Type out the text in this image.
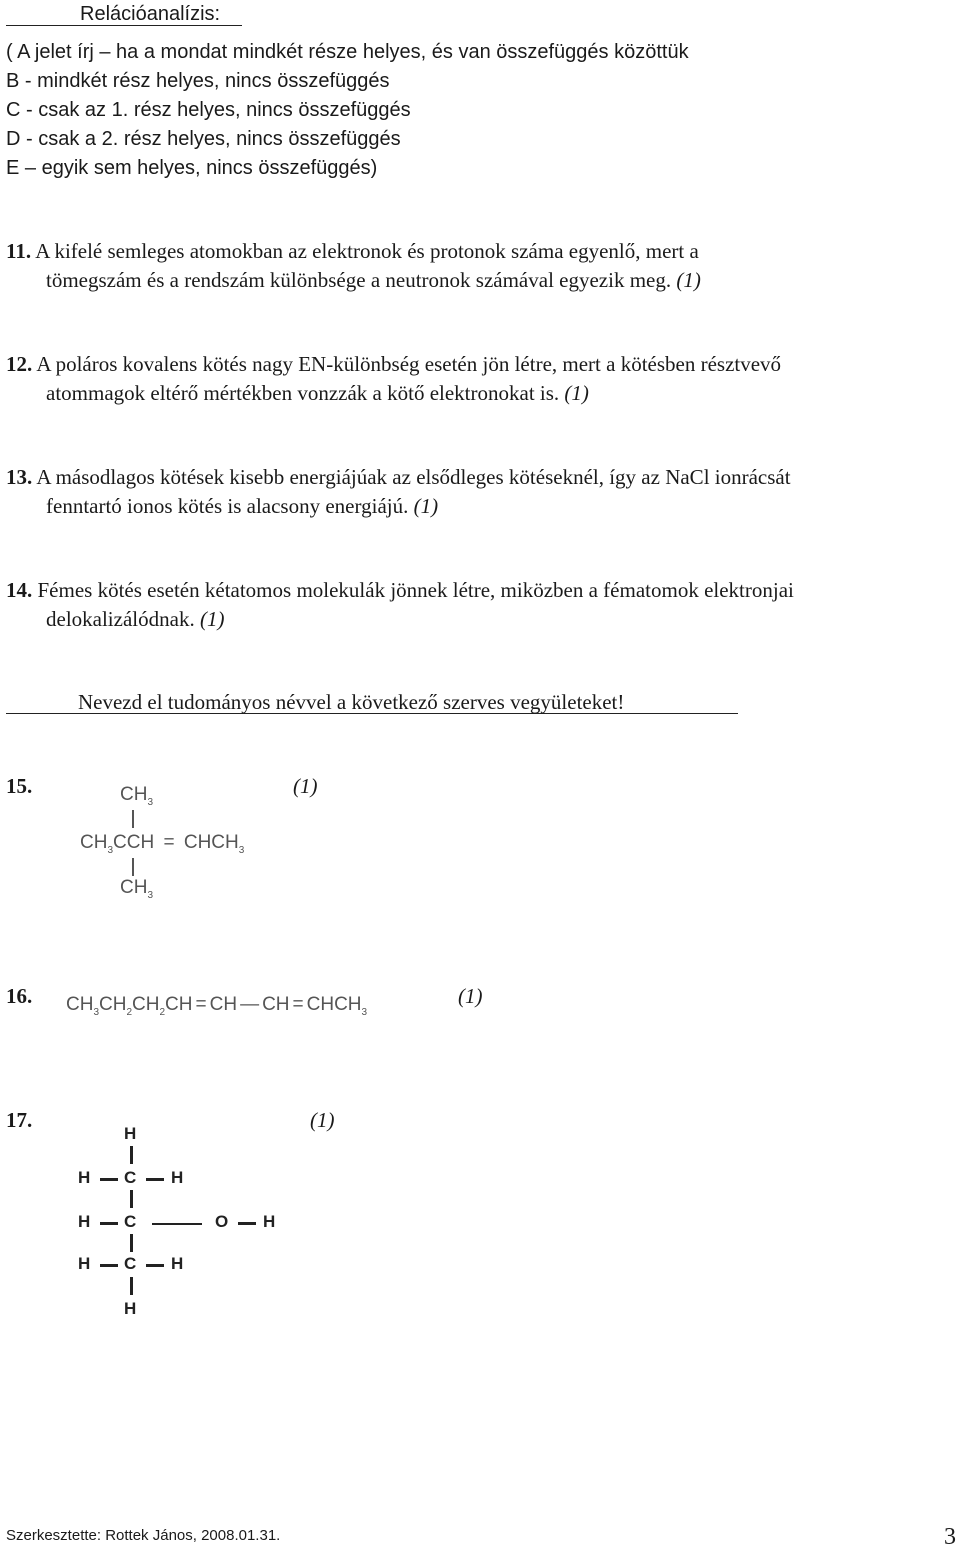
Relációanalízis:
( A jelet írj – ha a mondat mindkét része helyes, és van összefüggés közöttük
B - mindkét rész helyes, nincs összefüggés
C - csak az 1. rész helyes, nincs összefüggés
D - csak a 2. rész helyes, nincs összefüggés
E – egyik sem helyes, nincs összefüggés)
11. A kifelé semleges atomokban az elektronok és protonok száma egyenlő, mert a
tömegszám és a rendszám különbsége a neutronok számával egyezik meg. (1)
12. A poláros kovalens kötés nagy EN-különbség esetén jön létre, mert a kötésben résztvevő
atommagok eltérő mértékben vonzzák a kötő elektronokat is. (1)
13. A másodlagos kötések kisebb energiájúak az elsődleges kötéseknél, így az NaCl ionrácsát
fenntartó ionos kötés is alacsony energiájú. (1)
14. Fémes kötés esetén kétatomos molekulák jönnek létre, miközben a fématomok elektronjai
delokalizálódnak. (1)
Nevezd el tudományos névvel a következő szerves vegyületeket!
15.	(1)
$CH_3$
$CH_3CCH$ = $CHCH_3$
$CH_3$
16.	(1)
$CH_3CH_2CH_2CH$ = CH — CH = $CHCH_3$
17.	(1)
H
H C H
H C	O H
H C H
H
Szerkesztette: Rottek János, 2008.01.31.	3
